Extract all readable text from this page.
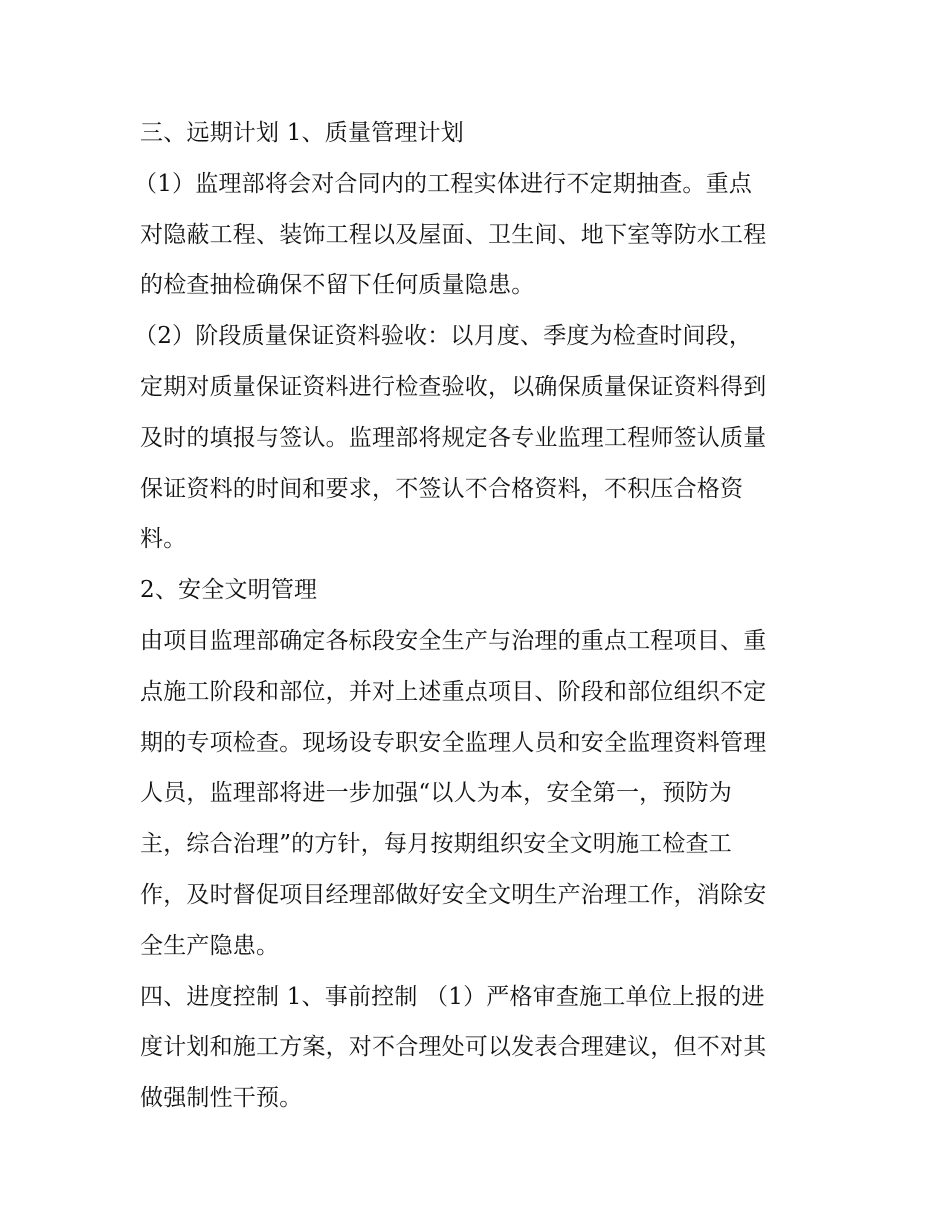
三、远期计划 1、质量管理计划
（1）监理部将会对合同内的工程实体进行不定期抽查。重点
对隐蔽工程、装饰工程以及屋面、卫生间、地下室等防水工程
的检查抽检确保不留下任何质量隐患。
（2）阶段质量保证资料验收：以月度、季度为检查时间段，
定期对质量保证资料进行检查验收，以确保质量保证资料得到
及时的填报与签认。监理部将规定各专业监理工程师签认质量
保证资料的时间和要求，不签认不合格资料，不积压合格资
料。
2、安全文明管理
由项目监理部确定各标段安全生产与治理的重点工程项目、重
点施工阶段和部位，并对上述重点项目、阶段和部位组织不定
期的专项检查。现场设专职安全监理人员和安全监理资料管理
人员，监理部将进一步加强“以人为本，安全第一，预防为
主，综合治理”的方针，每月按期组织安全文明施工检查工
作，及时督促项目经理部做好安全文明生产治理工作，消除安
全生产隐患。
四、进度控制 1、事前控制 （1）严格审查施工单位上报的进
度计划和施工方案，对不合理处可以发表合理建议，但不对其
做强制性干预。
